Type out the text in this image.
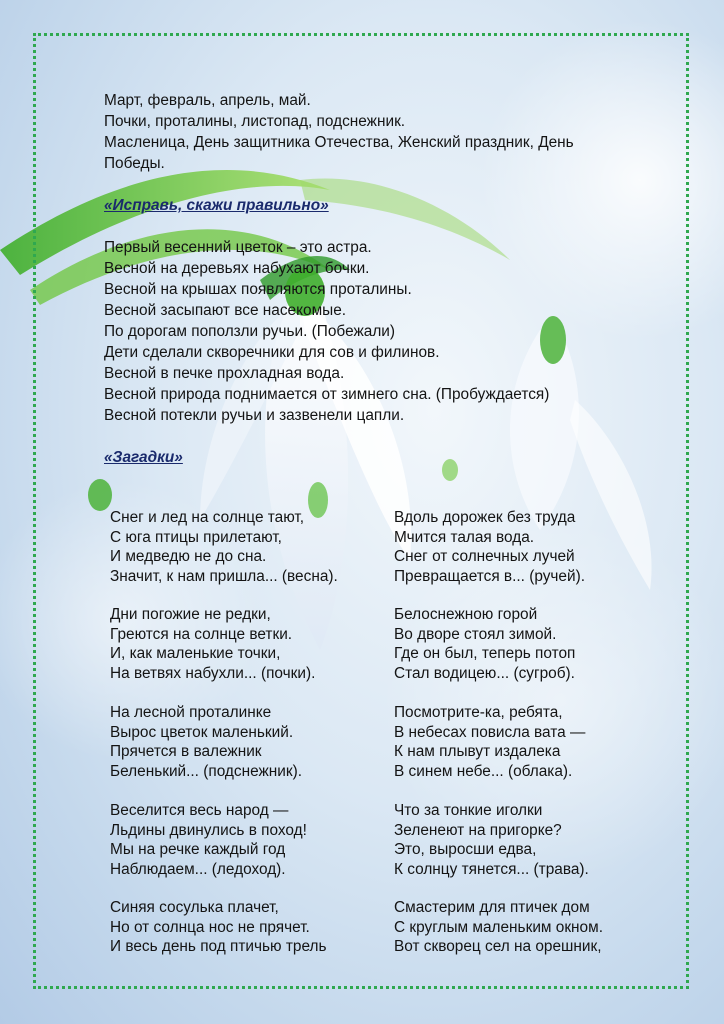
Март, февраль, апрель, май.
Почки, проталины, листопад, подснежник.
Масленица, День защитника Отечества, Женский праздник, День
Победы.
«Исправь, скажи правильно»
Первый весенний цветок – это астра.
Весной на деревьях набухают бочки.
Весной на крышах появляются проталины.
Весной засыпают все насекомые.
По дорогам поползли ручьи. (Побежали)
Дети сделали скворечники для сов и филинов.
Весной в печке прохладная вода.
Весной природа поднимается от зимнего сна. (Пробуждается)
Весной потекли ручьи и зазвенели цапли.
«Загадки»
Снег и лед на солнце тают,
С юга птицы прилетают,
И медведю не до сна.
Значит, к нам пришла... (весна).
Дни погожие не редки,
Греются на солнце ветки.
И, как маленькие точки,
На ветвях набухли... (почки).
На лесной проталинке
Вырос цветок маленький.
Прячется в валежник
Беленький... (подснежник).
Веселится весь народ —
Льдины двинулись в поход!
Мы на речке каждый год
Наблюдаем... (ледоход).
Синяя сосулька плачет,
Но от солнца нос не прячет.
И весь день под птичью трель
Вдоль дорожек без труда
Мчится талая вода.
Снег от солнечных лучей
Превращается в... (ручей).
Белоснежною горой
Во дворе стоял зимой.
Где он был, теперь потоп
Стал водицею... (сугроб).
Посмотрите-ка, ребята,
В небесах повисла вата —
К нам плывут издалека
В синем небе... (облака).
Что за тонкие иголки
Зеленеют на пригорке?
Это, выросши едва,
К солнцу тянется... (трава).
Смастерим для птичек дом
С круглым маленьким окном.
Вот скворец сел на орешник,
